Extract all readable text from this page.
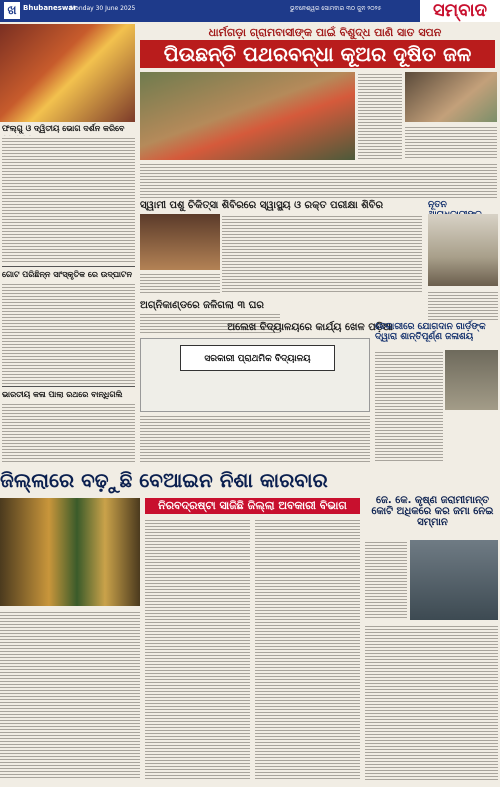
ଖ Bhubaneswar
Monday 30 June 2025	ଭୁବନେଶ୍ୱର ସୋମବାର ୩୦ ଜୁନ ୨୦୨୫	ସମ୍ବାଦ
ଧାର୍ମଗଡ଼ା ଗ୍ରାମବାସୀଙ୍କ ପାଇଁ ବିଶୁଦ୍ଧ ପାଣି ସାତ ସପନ
ପିଉଛନ୍ତି ପଥରବନ୍ଧା କୂଅର ଦୂଷିତ ଜଳ
ଫଲ୍ଗୁ ଓ ଦ୍ୱିତୀୟ ଭୋଗ ଦର୍ଶନ କରିବେ
ଗୋଟ ପରିଛିନ୍ନ ସାଂସ୍କୃତିକ ରେ ଉଦ୍‌ଘାଟନ
ଭାରତୀୟ କଳା ପାଲା ରଥରେ ବାନ୍ଧିଗଲି
ସ୍ୱାମୀ ପଶୁ ଚିକିତ୍ସା ଶିବିରରେ ସ୍ୱାସ୍ଥ୍ୟ ଓ ରକ୍ତ ପରୀକ୍ଷା ଶିବିର	ନୂତନ
ଅଗ୍ନିକାଣ୍ଡରେ ଜଳିଗଲା ୩ ଘର
ଅଲେଖ ବିଦ୍ୟାଳୟରେ କାର୍ଯ୍ୟ ଖେଳ ପଡ଼ିଆ
ସରକାରୀ ପ୍ରାଥମିକ ବିଦ୍ୟାଳୟ
ବେକାରୀରେ ଯୋଗଦାନ ଗାର୍ଡ଼ଙ୍କ ଦ୍ୱାରା ଶାନ୍ତିପୂର୍ଣ୍ଣ ଜଳାଶୟ
ଜିଲ୍ଲାରେ ବଢ଼ୁଛି ବେଆଇନ ନିଶା କାରବାର
ନିରବଦ୍ରଷ୍ଟା ସାଜିଛି ଜିଲ୍ଲା ଅବକାରୀ ବିଭାଗ	ଜେ. କେ. କୃଷ୍ଣ ଜରାମୀମାନ୍ତ କୋଟି ଅଧିକରେ କର ଜମା ନେଇ ସମ୍ମାନ
